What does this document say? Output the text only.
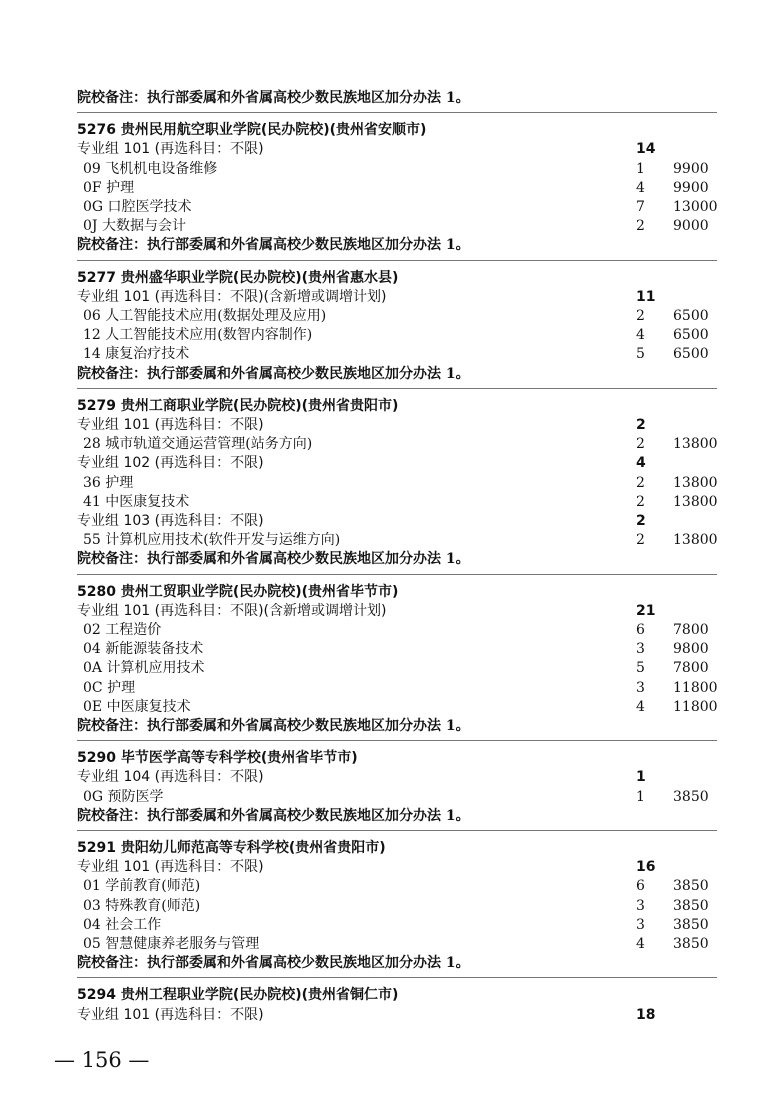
院校备注：执行部委属和外省属高校少数民族地区加分办法 1。
5276 贵州民用航空职业学院(民办院校)(贵州省安顺市)
专业组 101 (再选科目：不限)	14
09 飞机机电设备维修	1 9900
0F 护理	4 9900
0G 口腔医学技术	7 13000
0J 大数据与会计	2 9000
院校备注：执行部委属和外省属高校少数民族地区加分办法 1。
5277 贵州盛华职业学院(民办院校)(贵州省惠水县)
专业组 101 (再选科目：不限)(含新增或调增计划)	11
06 人工智能技术应用(数据处理及应用)	2 6500
12 人工智能技术应用(数智内容制作)	4 6500
14 康复治疗技术	5 6500
院校备注：执行部委属和外省属高校少数民族地区加分办法 1。
5279 贵州工商职业学院(民办院校)(贵州省贵阳市)
专业组 101 (再选科目：不限)	2
28 城市轨道交通运营管理(站务方向)	2 13800
专业组 102 (再选科目：不限)	4
36 护理	2 13800
41 中医康复技术	2 13800
专业组 103 (再选科目：不限)	2
55 计算机应用技术(软件开发与运维方向)	2 13800
院校备注：执行部委属和外省属高校少数民族地区加分办法 1。
5280 贵州工贸职业学院(民办院校)(贵州省毕节市)
专业组 101 (再选科目：不限)(含新增或调增计划)	21
02 工程造价	6 7800
04 新能源装备技术	3 9800
0A 计算机应用技术	5 7800
0C 护理	3 11800
0E 中医康复技术	4 11800
院校备注：执行部委属和外省属高校少数民族地区加分办法 1。
5290 毕节医学高等专科学校(贵州省毕节市)
专业组 104 (再选科目：不限)	1
0G 预防医学	1 3850
院校备注：执行部委属和外省属高校少数民族地区加分办法 1。
5291 贵阳幼儿师范高等专科学校(贵州省贵阳市)
专业组 101 (再选科目：不限)	16
01 学前教育(师范)	6 3850
03 特殊教育(师范)	3 3850
04 社会工作	3 3850
05 智慧健康养老服务与管理	4 3850
院校备注：执行部委属和外省属高校少数民族地区加分办法 1。
5294 贵州工程职业学院(民办院校)(贵州省铜仁市)
专业组 101 (再选科目：不限)	18
— 156 —
